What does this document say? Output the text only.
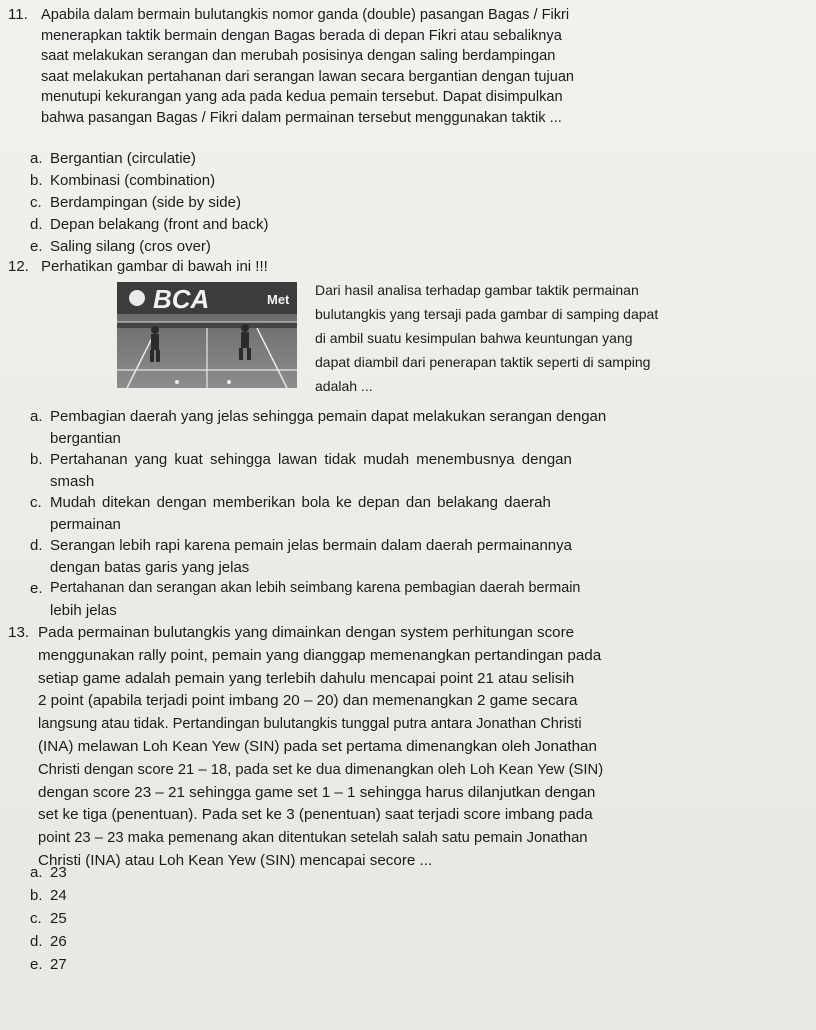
11. Apabila dalam bermain bulutangkis nomor ganda (double) pasangan Bagas / Fikri
menerapkan taktik bermain dengan Bagas berada di depan Fikri atau sebaliknya
saat melakukan serangan dan merubah posisinya dengan saling berdampingan
saat melakukan pertahanan dari serangan lawan secara bergantian dengan tujuan
menutupi kekurangan yang ada pada kedua pemain tersebut. Dapat disimpulkan
bahwa pasangan Bagas / Fikri dalam permainan tersebut menggunakan taktik ...
a. Bergantian (circulatie)
b. Kombinasi (combination)
c. Berdampingan (side by side)
d. Depan belakang (front and back)
e. Saling silang (cros over)
12. Perhatikan gambar di bawah ini !!!
BCA	Met
Dari hasil analisa terhadap gambar taktik permainan
bulutangkis yang tersaji pada gambar di samping dapat
di ambil suatu kesimpulan bahwa keuntungan yang
dapat diambil dari penerapan taktik seperti di samping
adalah ...
a. Pembagian daerah yang jelas sehingga pemain dapat melakukan serangan dengan
bergantian
b. Pertahanan yang kuat sehingga lawan tidak mudah menembusnya dengan
smash
c. Mudah ditekan dengan memberikan bola ke depan dan belakang daerah
permainan
d. Serangan lebih rapi karena pemain jelas bermain dalam daerah permainannya
dengan batas garis yang jelas
e. Pertahanan dan serangan akan lebih seimbang karena pembagian daerah bermain
lebih jelas
13. Pada permainan bulutangkis yang dimainkan dengan system perhitungan score
menggunakan rally point, pemain yang dianggap memenangkan pertandingan pada
setiap game adalah pemain yang terlebih dahulu mencapai point 21 atau selisih
2 point (apabila terjadi point imbang 20 – 20) dan memenangkan 2 game secara
langsung atau tidak. Pertandingan bulutangkis tunggal putra antara Jonathan Christi
(INA) melawan Loh Kean Yew (SIN) pada set pertama dimenangkan oleh Jonathan
Christi dengan score 21 – 18, pada set ke dua dimenangkan oleh Loh Kean Yew (SIN)
dengan score 23 – 21 sehingga game set 1 – 1 sehingga harus dilanjutkan dengan
set ke tiga (penentuan). Pada set ke 3 (penentuan) saat terjadi score imbang pada
point 23 – 23 maka pemenang akan ditentukan setelah salah satu pemain Jonathan
Christi (INA) atau Loh Kean Yew (SIN) mencapai secore ...
a. 23
b. 24
c. 25
d. 26
e. 27
